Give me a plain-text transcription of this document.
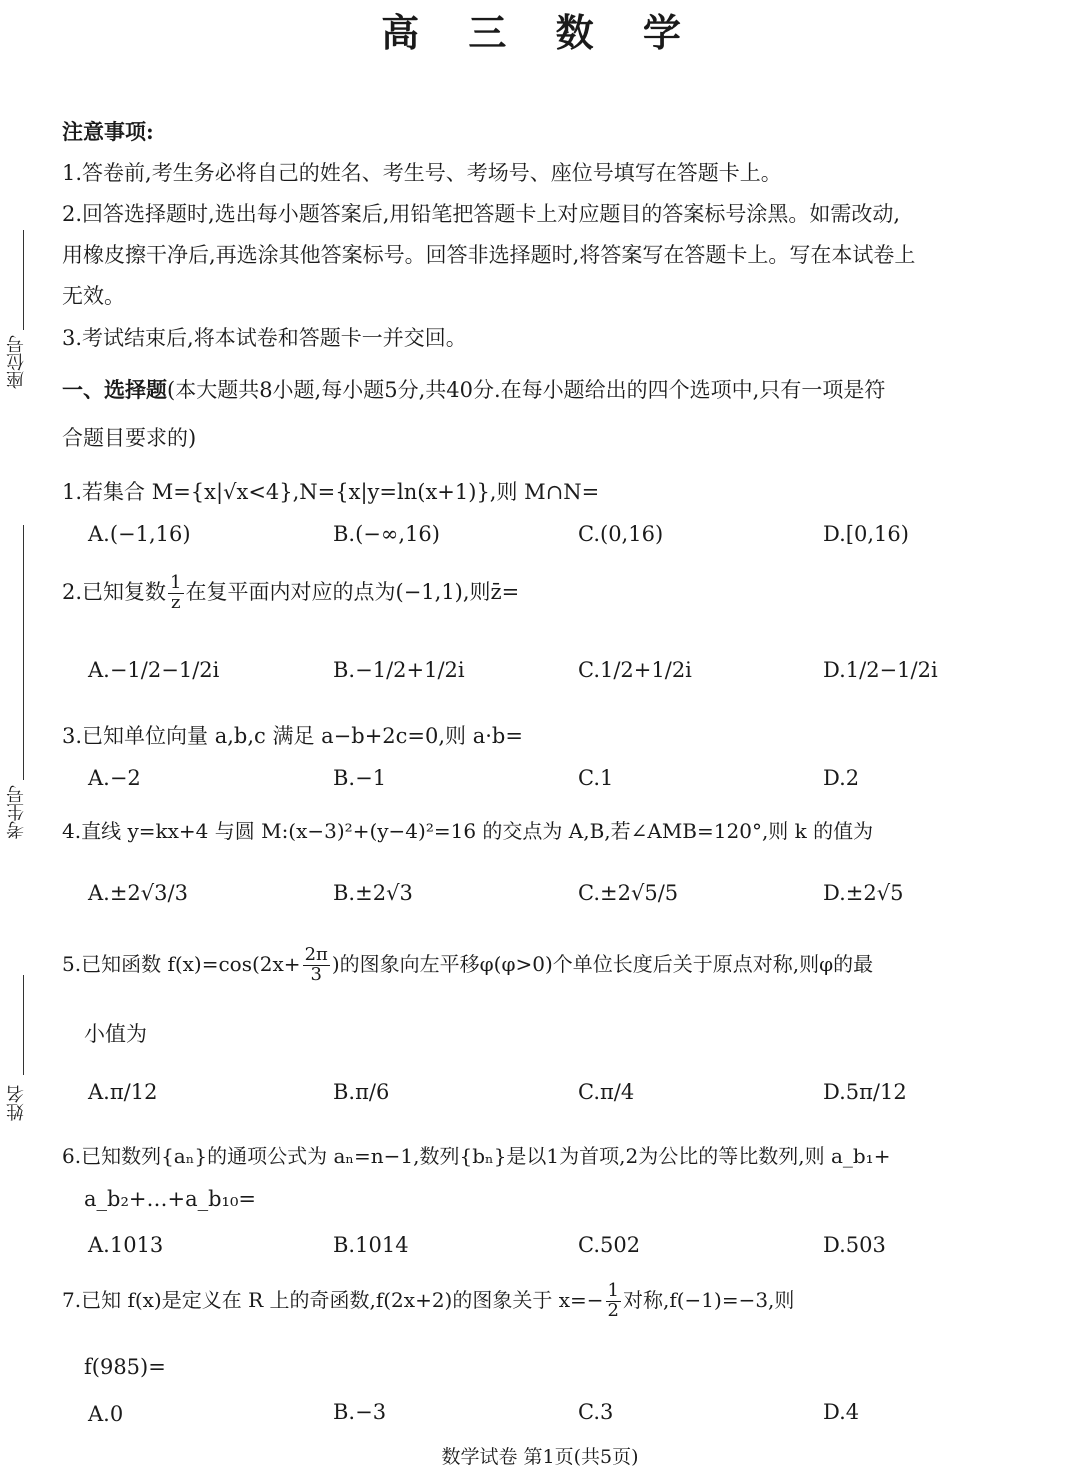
座位号
考生号
姓名
高 三 数 学
注意事项:
1.答卷前,考生务必将自己的姓名、考生号、考场号、座位号填写在答题卡上。
2.回答选择题时,选出每小题答案后,用铅笔把答题卡上对应题目的答案标号涂黑。如需改动,
用橡皮擦干净后,再选涂其他答案标号。回答非选择题时,将答案写在答题卡上。写在本试卷上
无效。
3.考试结束后,将本试卷和答题卡一并交回。
一、选择题(本大题共8小题,每小题5分,共40分.在每小题给出的四个选项中,只有一项是符
合题目要求的)
1.若集合 M={x|√x<4},N={x|y=ln(x+1)},则 M∩N=
A.(−1,16)	B.(−∞,16)	C.(0,16)	D.[0,16)
2.已知复数 $\frac{1}{z}$ 在复平面内对应的点为(−1,1),则z̄=
A.−1/2−1/2i	B.−1/2+1/2i	C.1/2+1/2i	D.1/2−1/2i
3.已知单位向量 a,b,c 满足 a−b+2c=0,则 a·b=
A.−2	B.−1	C.1	D.2
4.直线 y=kx+4 与圆 M:(x−3)²+(y−4)²=16 的交点为 A,B,若∠AMB=120°,则 k 的值为
A.±2√3/3	B.±2√3	C.±2√5/5	D.±2√5
5.已知函数 $f(x)=\cos(2x+ \frac{2\pi}{3}$ )的图象向左平移φ(φ>0)个单位长度后关于原点对称,则φ的最
小值为
A.π/12	B.π/6	C.π/4	D.5π/12
6.已知数列{aₙ}的通项公式为 aₙ=n−1,数列{bₙ}是以1为首项,2为公比的等比数列,则 a_b₁+
a_b₂+…+a_b₁₀=
A.1013	B.1014	C.502	D.503
7.已知 f(x)是定义在 R 上的奇函数,f(2x+2)的图象关于 $x=- \frac{1}{2}$ 对称,f(−1)=−3,则
f(985)=
A.0	B.−3	C.3	D.4
数学试卷 第1页(共5页)
